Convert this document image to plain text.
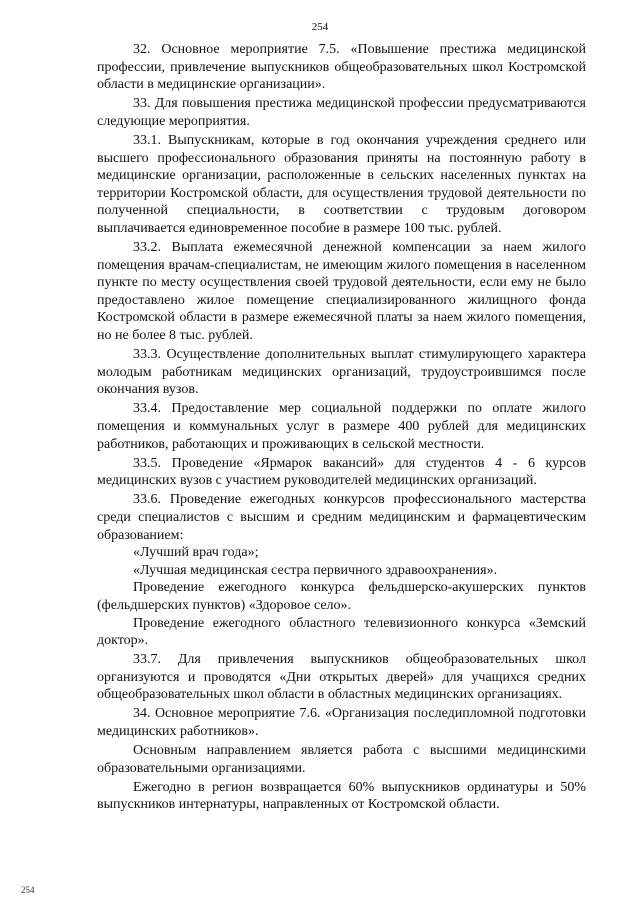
254

32. Основное мероприятие 7.5. «Повышение престижа медицинской профессии, привлечение выпускников общеобразовательных школ Костромской области в медицинские организации».

33. Для повышения престижа медицинской профессии предусматриваются следующие мероприятия.

33.1. Выпускникам, которые в год окончания учреждения среднего или высшего профессионального образования приняты на постоянную работу в медицинские организации, расположенные в сельских населенных пунктах на территории Костромской области, для осуществления трудовой деятельности по полученной специальности, в соответствии с трудовым договором выплачивается единовременное пособие в размере 100 тыс. рублей.

33.2. Выплата ежемесячной денежной компенсации за наем жилого помещения врачам-специалистам, не имеющим жилого помещения в населенном пункте по месту осуществления своей трудовой деятельности, если ему не было предоставлено жилое помещение специализированного жилищного фонда Костромской области в размере ежемесячной платы за наем жилого помещения, но не более 8 тыс. рублей.

33.3. Осуществление дополнительных выплат стимулирующего характера молодым работникам медицинских организаций, трудоустроившимся после окончания вузов.

33.4. Предоставление мер социальной поддержки по оплате жилого помещения и коммунальных услуг в размере 400 рублей для медицинских работников, работающих и проживающих в сельской местности.

33.5. Проведение «Ярмарок вакансий» для студентов 4 - 6 курсов медицинских вузов с участием руководителей медицинских организаций.

33.6. Проведение ежегодных конкурсов профессионального мастерства среди специалистов с высшим и средним медицинским и фармацевтическим образованием:

«Лучший врач года»;

«Лучшая медицинская сестра первичного здравоохранения».

Проведение ежегодного конкурса фельдшерско-акушерских пунктов (фельдшерских пунктов) «Здоровое село».

Проведение ежегодного областного телевизионного конкурса «Земский доктор».

33.7. Для привлечения выпускников общеобразовательных школ организуются и проводятся «Дни открытых дверей» для учащихся средних общеобразовательных школ области в областных медицинских организациях.

34. Основное мероприятие 7.6. «Организация последипломной подготовки медицинских работников».

Основным направлением является работа с высшими медицинскими образовательными организациями.

Ежегодно в регион возвращается 60% выпускников ординатуры и 50% выпускников интернатуры, направленных от Костромской области.

254
